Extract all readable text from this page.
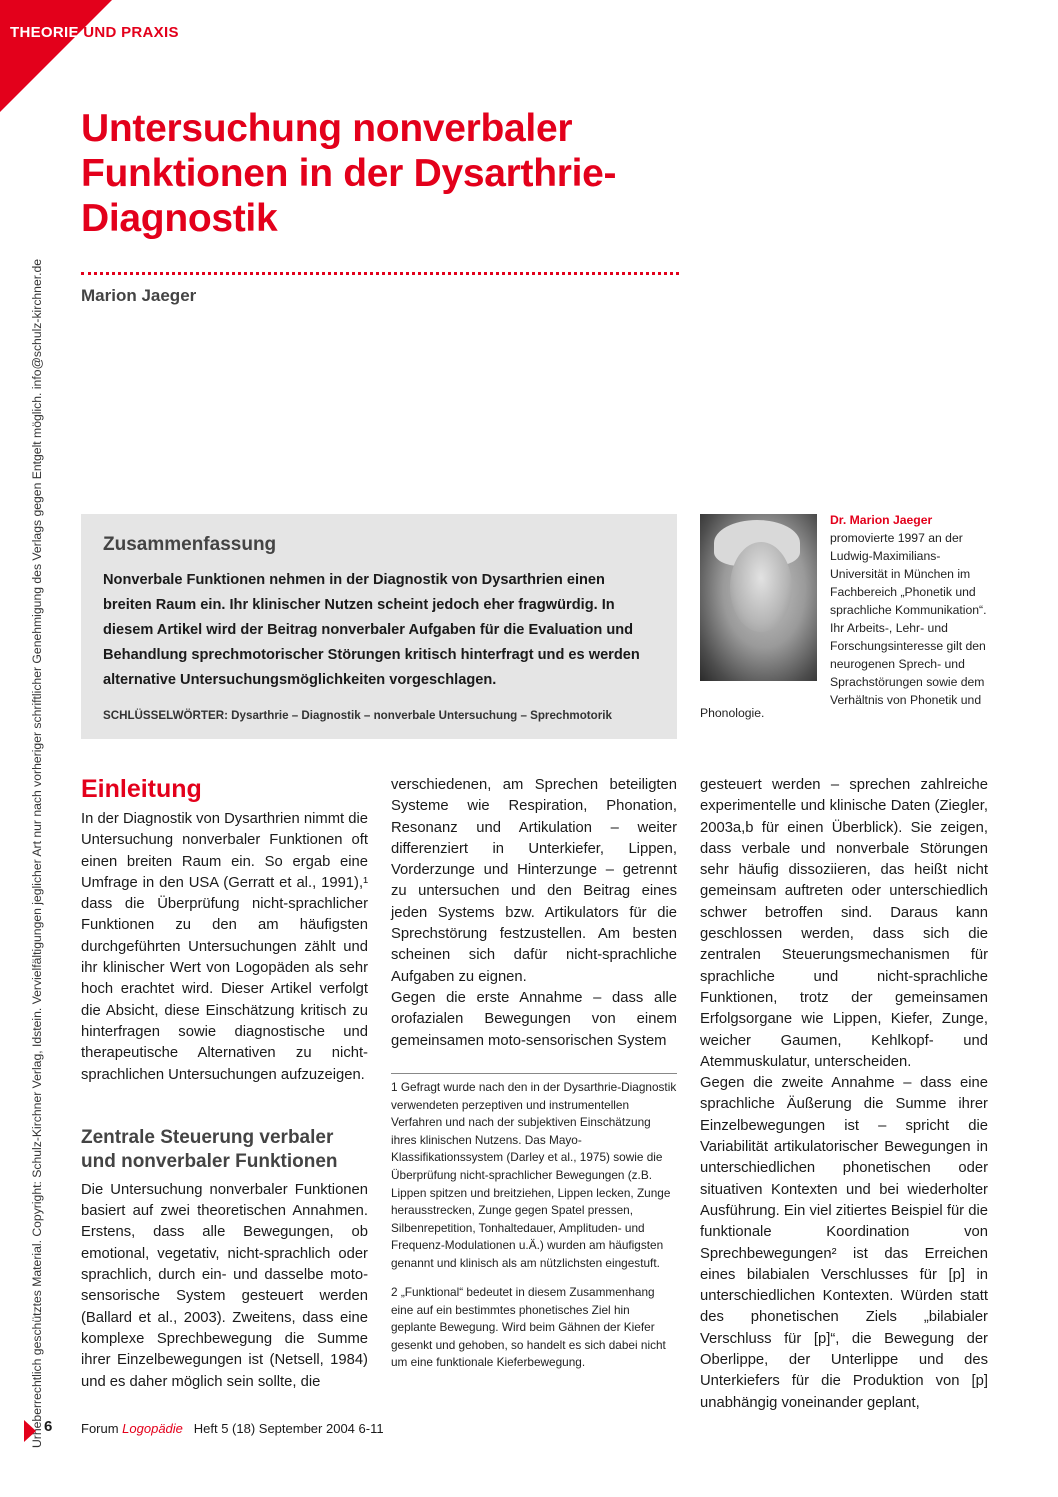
THEORIE UND PRAXIS
Urheberrechtlich geschütztes Material. Copyright: Schulz-Kirchner Verlag, Idstein. Vervielfältigungen jeglicher Art nur nach vorheriger schriftlicher Genehmigung des Verlags gegen Entgelt möglich. info@schulz-kirchner.de
Untersuchung nonverbaler Funktionen in der Dysarthrie-Diagnostik
Marion Jaeger
Zusammenfassung

Nonverbale Funktionen nehmen in der Diagnostik von Dysarthrien einen breiten Raum ein. Ihr klinischer Nutzen scheint jedoch eher fragwürdig. In diesem Artikel wird der Beitrag nonverbaler Aufgaben für die Evaluation und Behandlung sprechmotorischer Störungen kritisch hinterfragt und es werden alternative Untersuchungsmöglichkeiten vorgeschlagen.

SCHLÜSSELWÖRTER: Dysarthrie – Diagnostik – nonverbale Untersuchung – Sprechmotorik

Dr. Marion Jaeger
promovierte 1997 an der Ludwig-Maximilians-Universität in München im Fachbereich „Phonetik und sprachliche Kommunikation“. Ihr Arbeits-, Lehr- und Forschungsinteresse gilt den neurogenen Sprech- und Sprachstörungen sowie dem Verhältnis von Phonetik und
Phonologie.
Einleitung

In der Diagnostik von Dysarthrien nimmt die Untersuchung nonverbaler Funktionen oft einen breiten Raum ein. So ergab eine Umfrage in den USA (Gerratt et al., 1991),¹ dass die Überprüfung nicht-sprachlicher Funktionen zu den am häufigsten durchgeführten Untersuchungen zählt und ihr klinischer Wert von Logopäden als sehr hoch erachtet wird. Dieser Artikel verfolgt die Absicht, diese Einschätzung kritisch zu hinterfragen sowie diagnostische und therapeutische Alternativen zu nicht-sprachlichen Untersuchungen aufzuzeigen.

Zentrale Steuerung verbaler und nonverbaler Funktionen

Die Untersuchung nonverbaler Funktionen basiert auf zwei theoretischen Annahmen. Erstens, dass alle Bewegungen, ob emotional, vegetativ, nicht-sprachlich oder sprachlich, durch ein- und dasselbe moto-sensorische System gesteuert werden (Ballard et al., 2003). Zweitens, dass eine komplexe Sprechbewegung die Summe ihrer Einzelbewegungen ist (Netsell, 1984) und es daher möglich sein sollte, die

verschiedenen, am Sprechen beteiligten Systeme wie Respiration, Phonation, Resonanz und Artikulation – weiter differenziert in Unterkiefer, Lippen, Vorderzunge und Hinterzunge – getrennt zu untersuchen und den Beitrag eines jeden Systems bzw. Artikulators für die Sprechstörung festzustellen. Am besten scheinen sich dafür nicht-sprachliche Aufgaben zu eignen.

Gegen die erste Annahme – dass alle orofazialen Bewegungen von einem gemeinsamen moto-sensorischen System

1 Gefragt wurde nach den in der Dysarthrie-Diagnostik verwendeten perzeptiven und instrumentellen Verfahren und nach der subjektiven Einschätzung ihres klinischen Nutzens. Das Mayo-Klassifikationssystem (Darley et al., 1975) sowie die Überprüfung nicht-sprachlicher Bewegungen (z.B. Lippen spitzen und breitziehen, Lippen lecken, Zunge herausstrecken, Zunge gegen Spatel pressen, Silbenrepetition, Tonhaltedauer, Amplituden- und Frequenz-Modulationen u.Ä.) wurden am häufigsten genannt und klinisch als am nützlichsten eingestuft.
2 „Funktional“ bedeutet in diesem Zusammenhang eine auf ein bestimmtes phonetisches Ziel hin geplante Bewegung. Wird beim Gähnen der Kiefer gesenkt und gehoben, so handelt es sich dabei nicht um eine funktionale Kieferbewegung.

gesteuert werden – sprechen zahlreiche experimentelle und klinische Daten (Ziegler, 2003a,b für einen Überblick). Sie zeigen, dass verbale und nonverbale Störungen sehr häufig dissoziieren, das heißt nicht gemeinsam auftreten oder unterschiedlich schwer betroffen sind. Daraus kann geschlossen werden, dass sich die zentralen Steuerungsmechanismen für sprachliche und nicht-sprachliche Funktionen, trotz der gemeinsamen Erfolgsorgane wie Lippen, Kiefer, Zunge, weicher Gaumen, Kehlkopf- und Atemmuskulatur, unterscheiden.

Gegen die zweite Annahme – dass eine sprachliche Äußerung die Summe ihrer Einzelbewegungen ist – spricht die Variabilität artikulatorischer Bewegungen in unterschiedlichen phonetischen oder situativen Kontexten und bei wiederholter Ausführung. Ein viel zitiertes Beispiel für die funktionale Koordination von Sprechbewegungen² ist das Erreichen eines bilabialen Verschlusses für [p] in unterschiedlichen Kontexten. Würden statt des phonetischen Ziels „bilabialer Verschluss für [p]“, die Bewegung der Oberlippe, der Unterlippe und des Unterkiefers für die Produktion von [p] unabhängig voneinander geplant,

6 Forum Logopädie Heft 5 (18) September 2004 6-11
